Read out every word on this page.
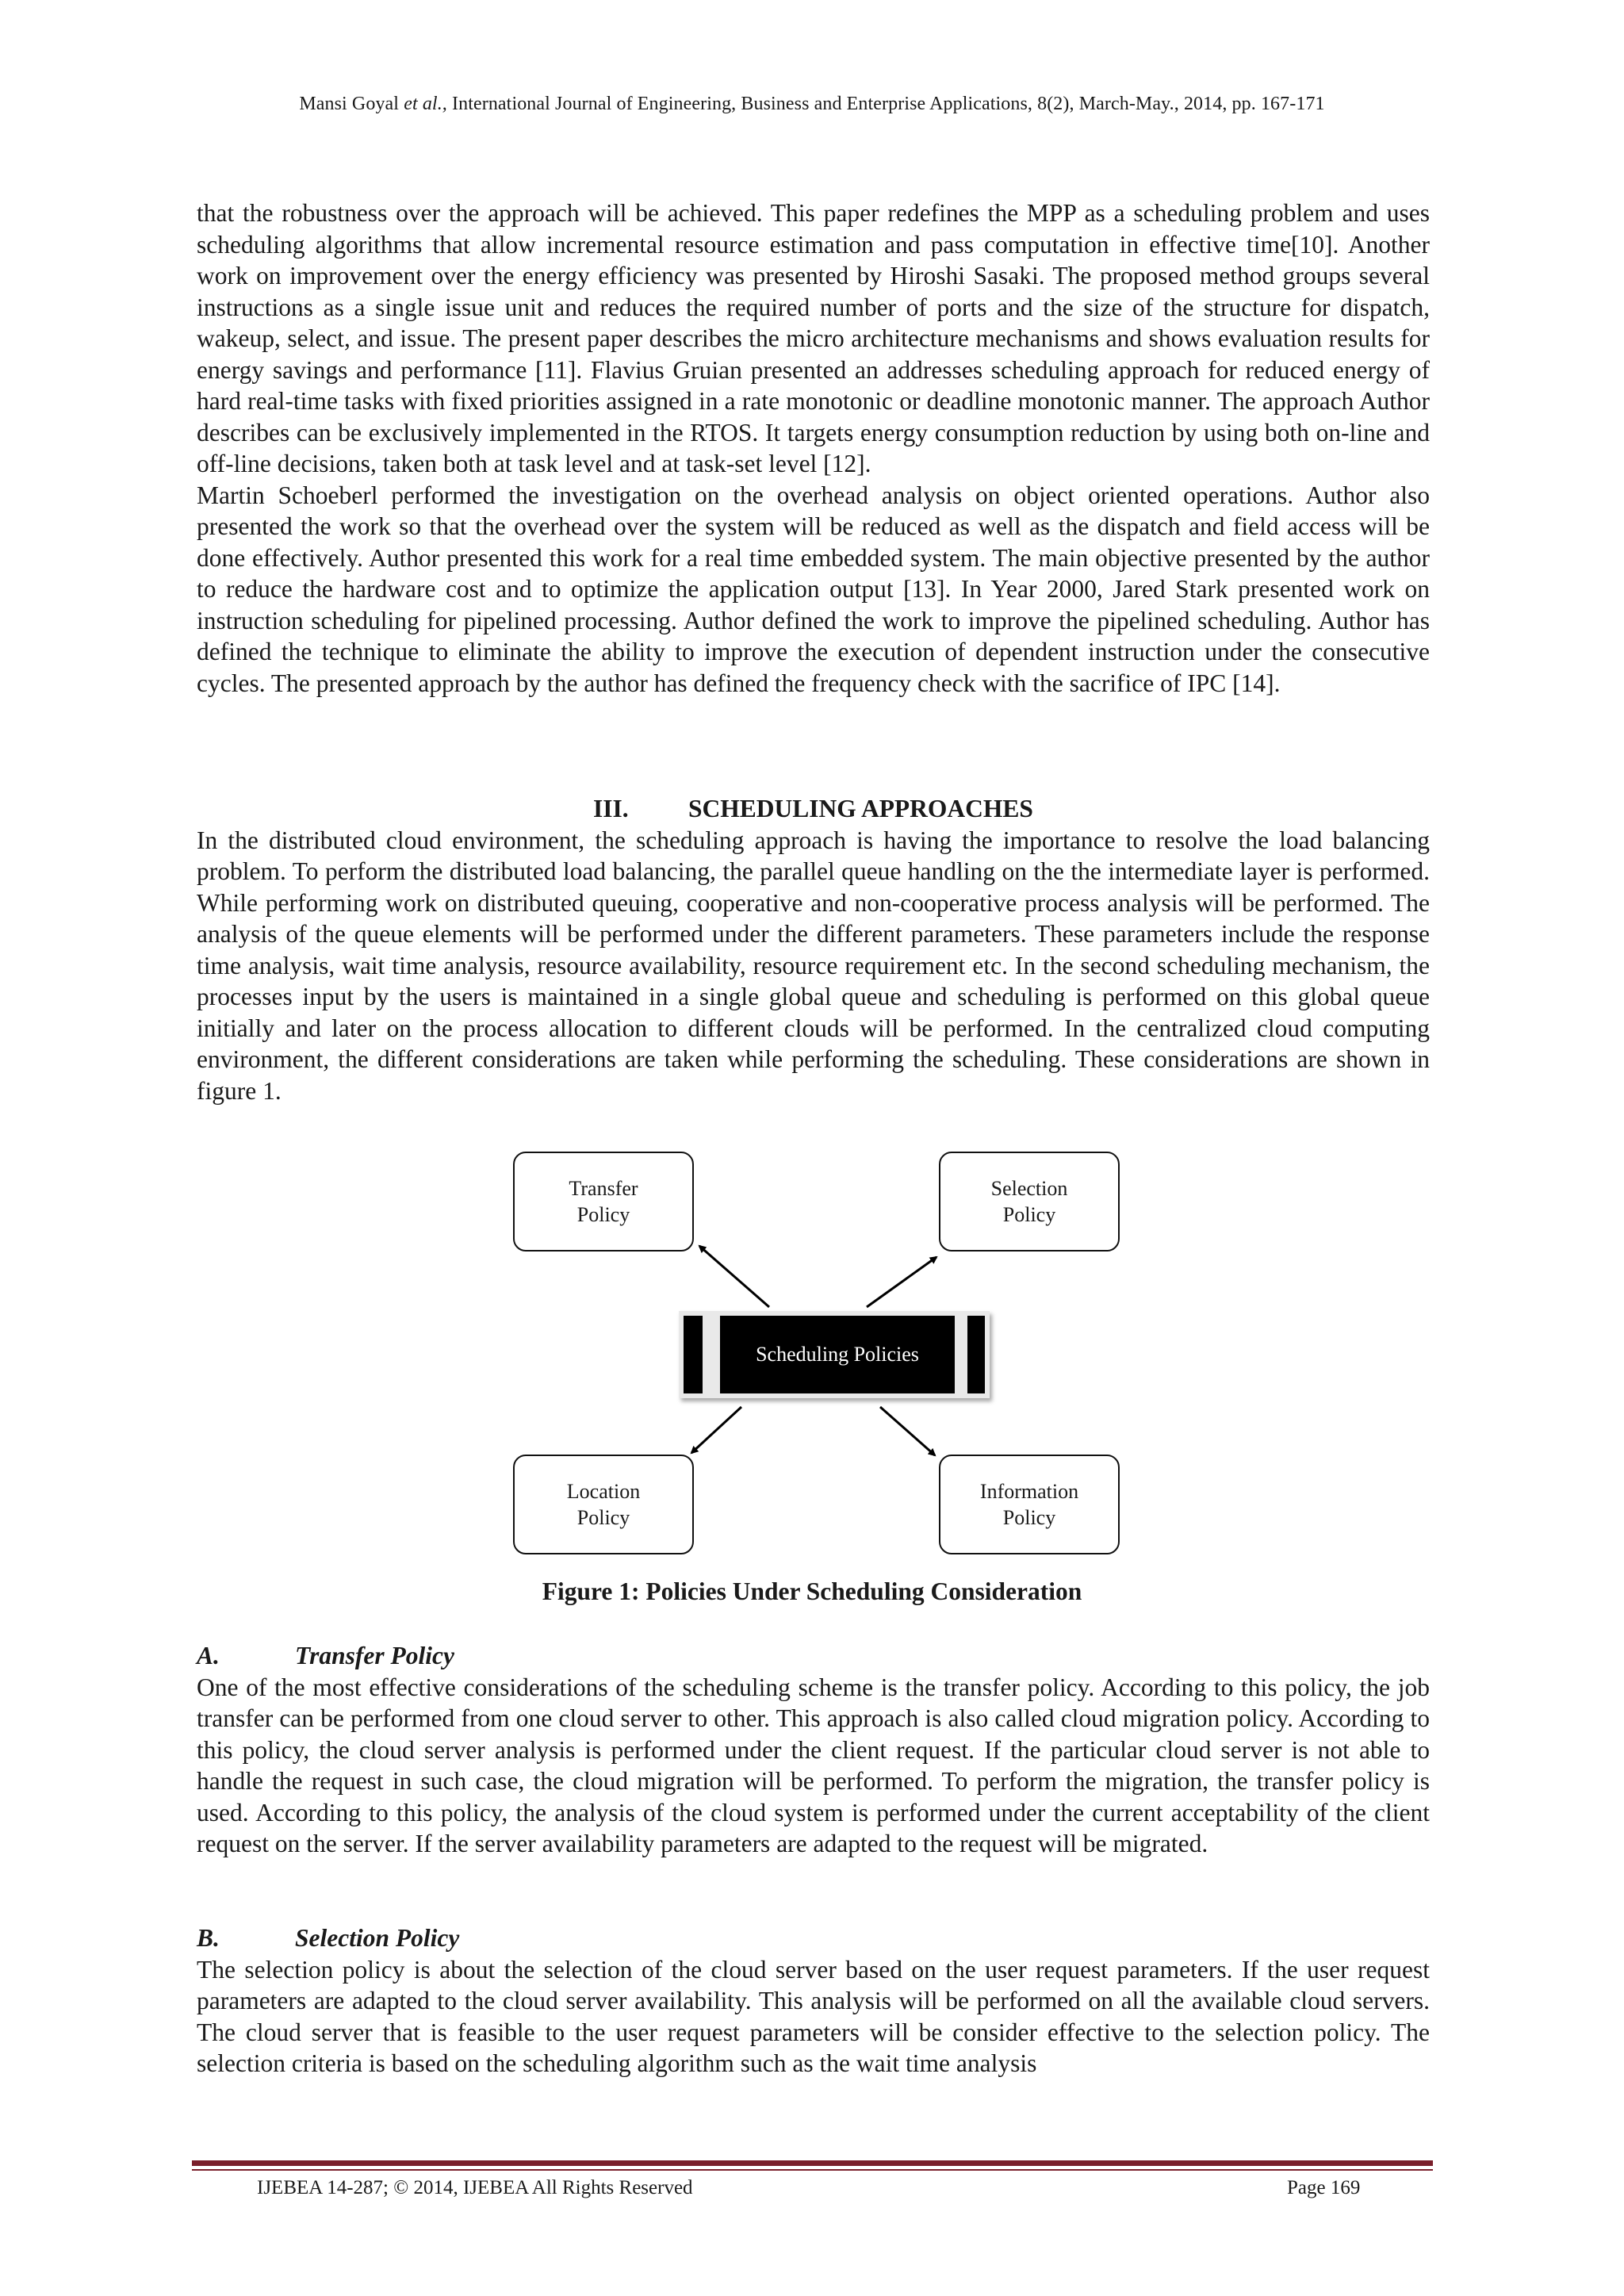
Mansi Goyal et al., International Journal of Engineering, Business and Enterprise Applications, 8(2), March-May., 2014, pp. 167-171

that the robustness over the approach will be achieved. This paper redefines the MPP as a scheduling problem and uses scheduling algorithms that allow incremental resource estimation and pass computation in effective time[10]. Another work on improvement over the energy efficiency was presented by Hiroshi Sasaki. The proposed method groups several instructions as a single issue unit and reduces the required number of ports and the size of the structure for dispatch, wakeup, select, and issue. The present paper describes the micro architecture mechanisms and shows evaluation results for energy savings and performance [11]. Flavius Gruian presented an addresses scheduling approach for reduced energy of hard real-time tasks with fixed priorities assigned in a rate monotonic or deadline monotonic manner. The approach Author describes can be exclusively implemented in the RTOS. It targets energy consumption reduction by using both on-line and off-line decisions, taken both at task level and at task-set level [12].

Martin Schoeberl performed the investigation on the overhead analysis on object oriented operations. Author also presented the work so that the overhead over the system will be reduced as well as the dispatch and field access will be done effectively. Author presented this work for a real time embedded system. The main objective presented by the author to reduce the hardware cost and to optimize the application output [13]. In Year 2000, Jared Stark presented work on instruction scheduling for pipelined processing. Author defined the work to improve the pipelined scheduling. Author has defined the technique to eliminate the ability to improve the execution of dependent instruction under the consecutive cycles. The presented approach by the author has defined the frequency check with the sacrifice of IPC [14].

III. SCHEDULING APPROACHES

In the distributed cloud environment, the scheduling approach is having the importance to resolve the load balancing problem. To perform the distributed load balancing, the parallel queue handling on the the intermediate layer is performed. While performing work on distributed queuing, cooperative and non-cooperative process analysis will be performed. The analysis of the queue elements will be performed under the different parameters. These parameters include the response time analysis, wait time analysis, resource availability, resource requirement etc. In the second scheduling mechanism, the processes input by the users is maintained in a single global queue and scheduling is performed on this global queue initially and later on the process allocation to different clouds will be performed. In the centralized cloud computing environment, the different considerations are taken while performing the scheduling. These considerations are shown in figure 1.

Transfer
Policy
Selection
Policy
Scheduling Policies
Location
Policy
Information
Policy
Figure 1: Policies Under Scheduling Consideration

A.	Transfer Policy

One of the most effective considerations of the scheduling scheme is the transfer policy. According to this policy, the job transfer can be performed from one cloud server to other. This approach is also called cloud migration policy. According to this policy, the cloud server analysis is performed under the client request. If the particular cloud server is not able to handle the request in such case, the cloud migration will be performed. To perform the migration, the transfer policy is used. According to this policy, the analysis of the cloud system is performed under the current acceptability of the client request on the server. If the server availability parameters are adapted to the request will be migrated.

B.	Selection Policy

The selection policy is about the selection of the cloud server based on the user request parameters. If the user request parameters are adapted to the cloud server availability. This analysis will be performed on all the available cloud servers. The cloud server that is feasible to the user request parameters will be consider effective to the selection policy. The selection criteria is based on the scheduling algorithm such as the wait time analysis

IJEBEA 14-287; © 2014, IJEBEA All Rights Reserved	Page 169
